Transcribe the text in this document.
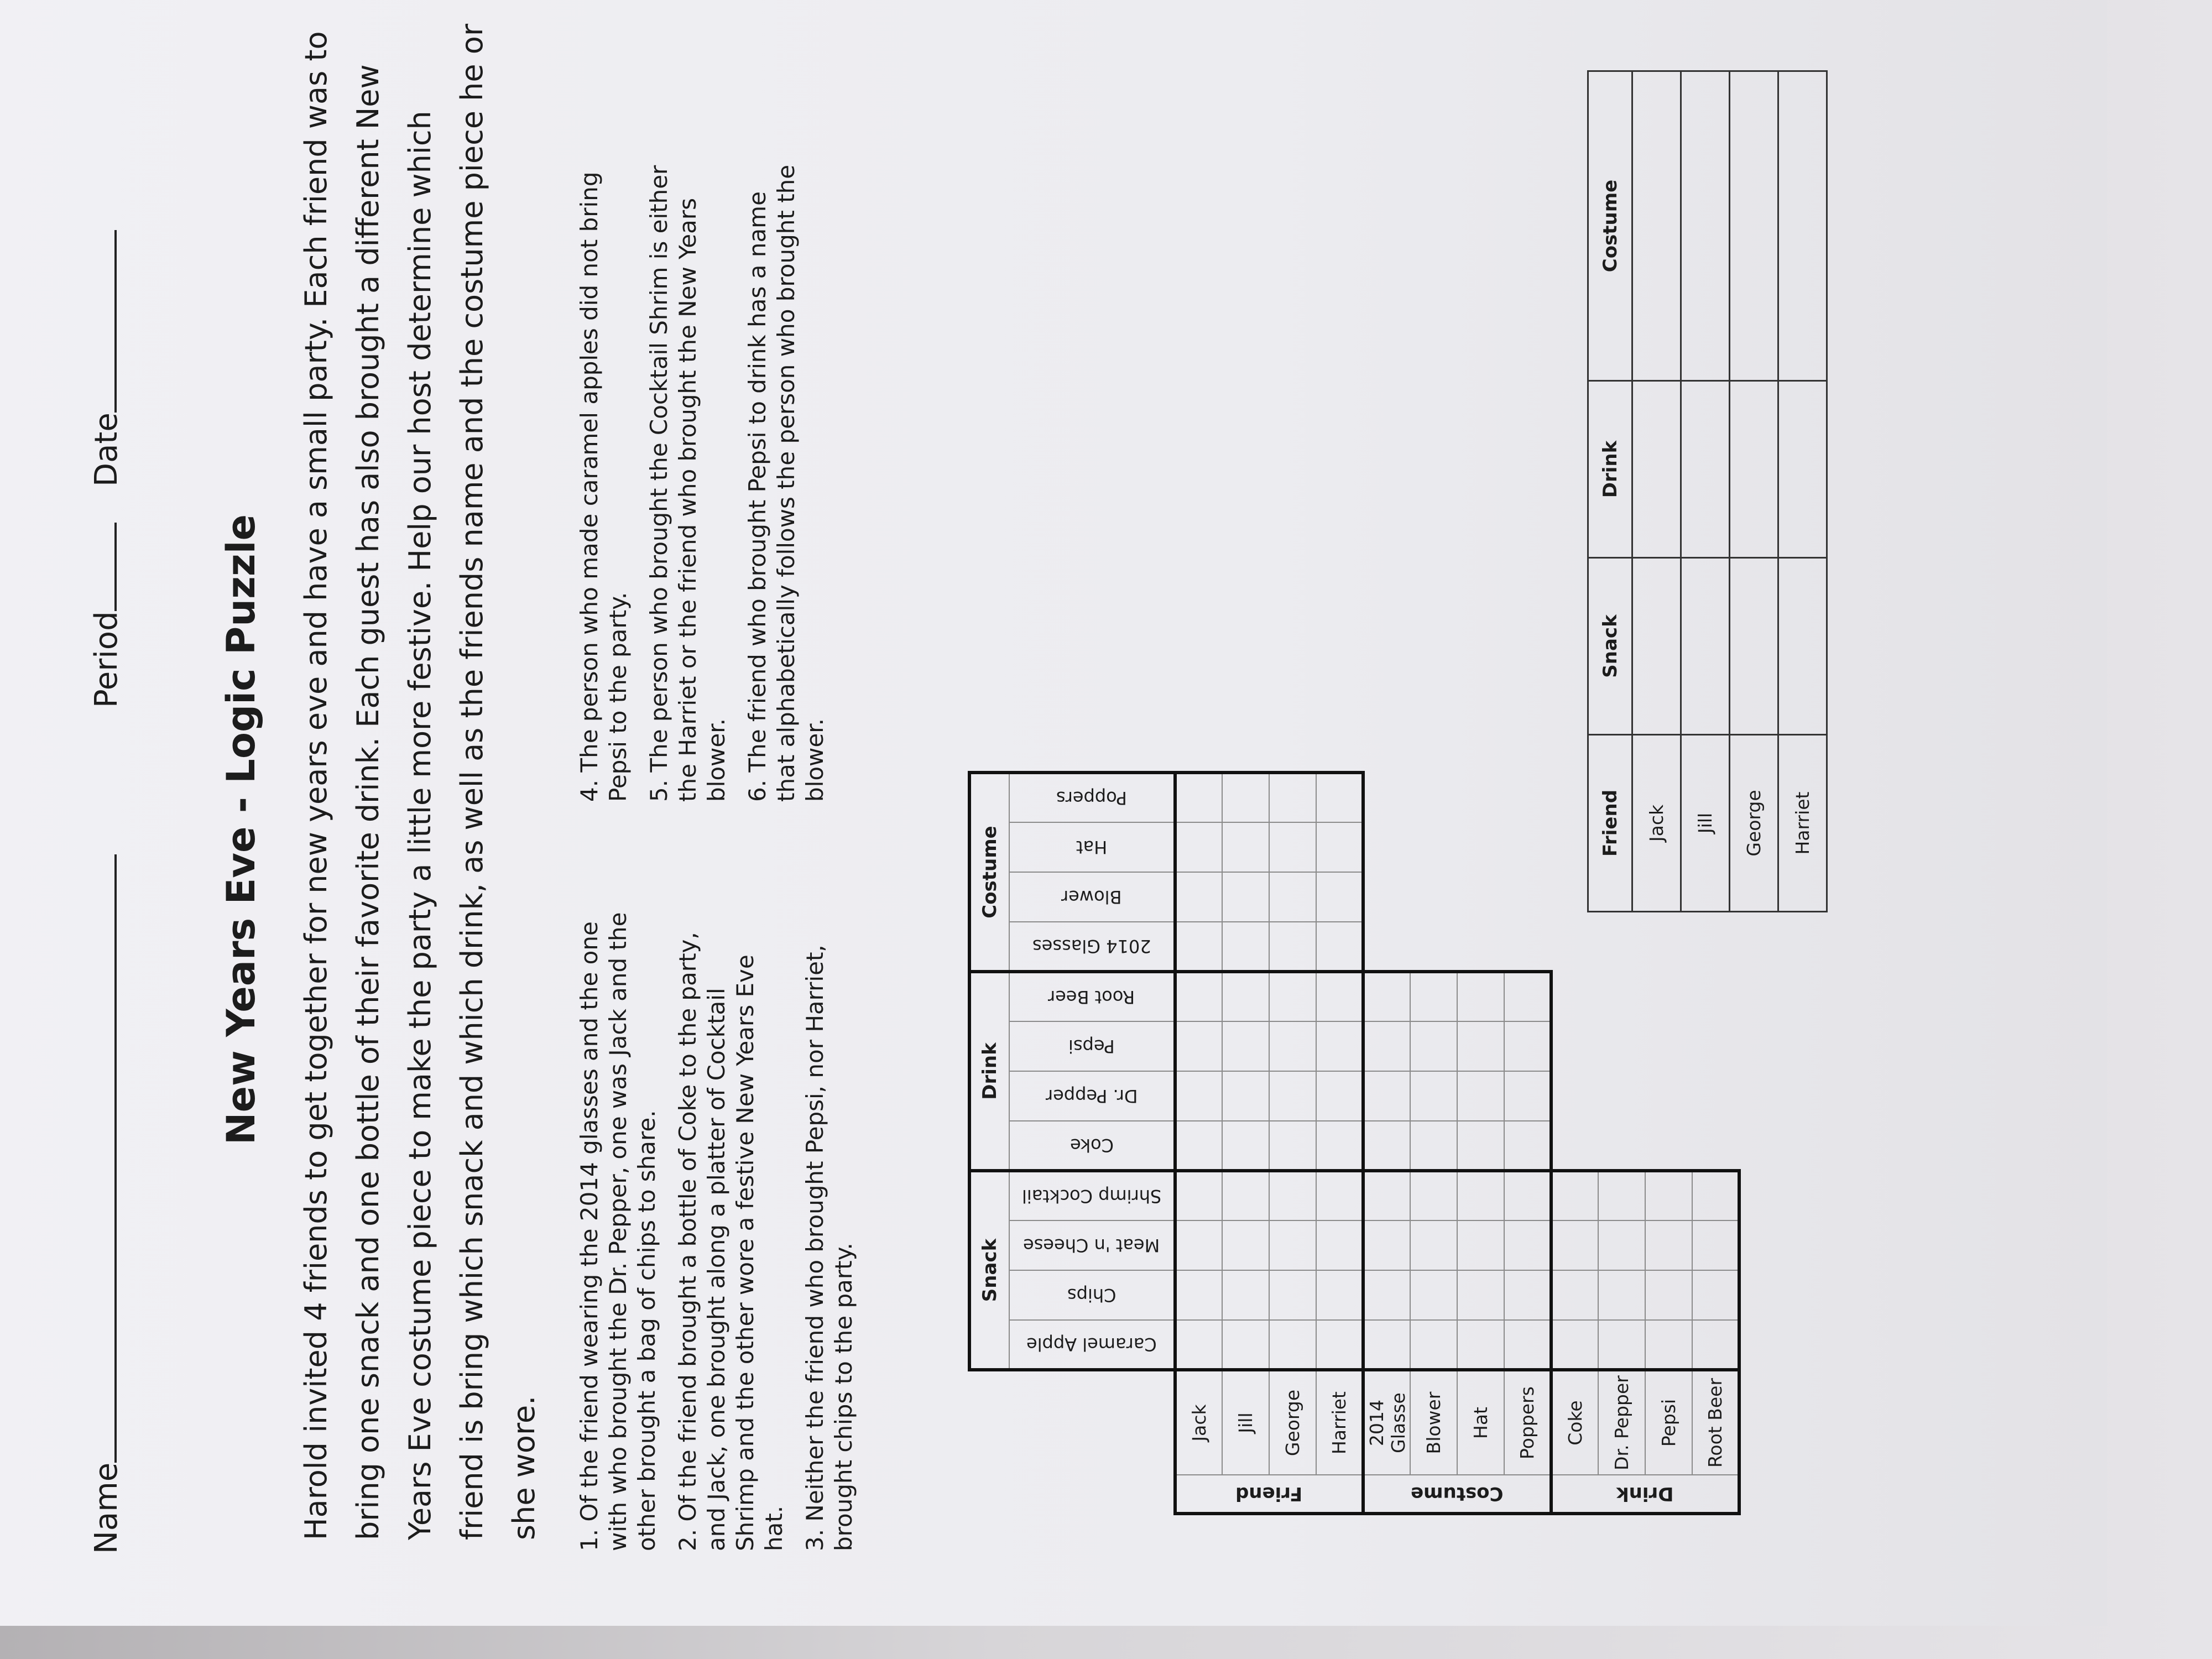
Name
Period
Date
New Years Eve - Logic Puzzle Harold invited 4 friends to get together for new years eve and have a small party. Each friend was to bring one snack and one bottle of their favorite drink. Each guest has also brought a different New Years Eve costume piece to make the party a little more festive. Help our host determine which friend is bring which snack and which drink, as well as the friends name and the costume piece he or she wore.	1. Of the friend wearing the 2014 glasses and the one with who brought the Dr. Pepper, one was Jack and the other brought a bag of chips to share. 2. Of the friend brought a bottle of Coke to the party, and Jack, one brought along a platter of Cocktail Shrimp and the other wore a festive New Years Eve hat. 3. Neither the friend who brought Pepsi, nor Harriet, brought chips to the party.
4. The person who made caramel apples did not bring Pepsi to the party. 5. The person who brought the Cocktail Shrim is either the Harriet or the friend who brought the New Years blower. 6. The friend who brought Pepsi to drink has a name that alphabetically follows the person who brought the blower.
		Snack				Drink				Costume			

		Caramel Apple	Chips	Meat 'n Cheese	Shrimp Cocktail	Coke	Dr. Pepper	Pepsi	Root Beer	2014 Glasses	Blower	Hat	Poppers

Friend	Jack												
	Jill												
	George												
	Harriet												

Costume	2014 Glasse												
	Blower												
	Hat												
	Poppers												

Drink	Coke												
	Dr. Pepper												
	Pepsi												
	Root Beer												
Friend	Snack	Drink	Costume
Jack			
Jill			
George			
Harriet			
